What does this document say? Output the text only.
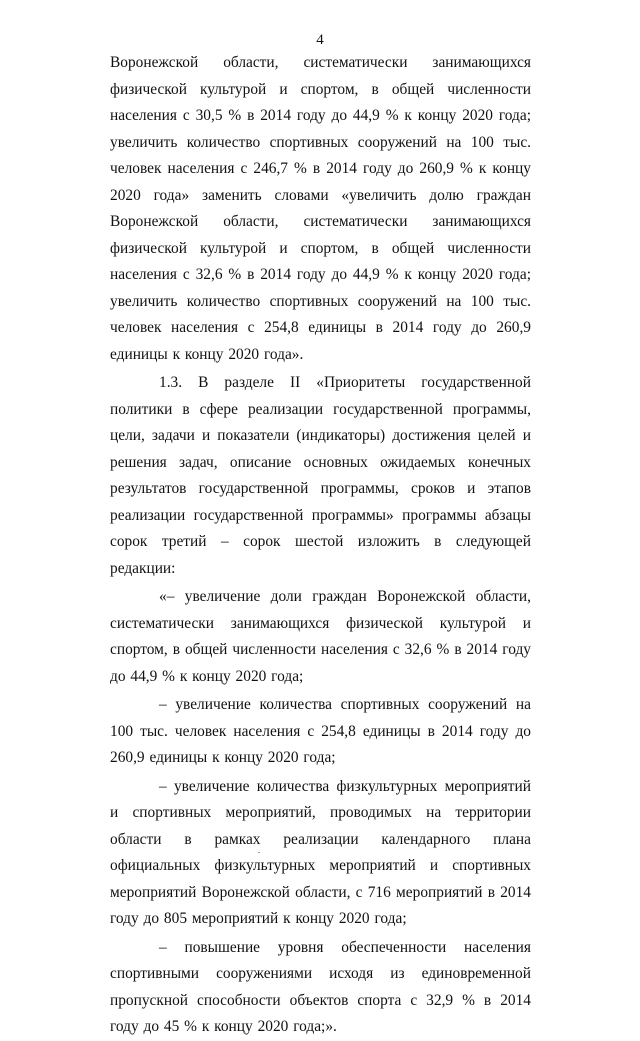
4

Воронежской области, систематически занимающихся физической культурой и спортом, в общей численности населения с 30,5 % в 2014 году до 44,9 % к концу 2020 года; увеличить количество спортивных сооружений на 100 тыс. человек населения с 246,7 % в 2014 году до 260,9 % к концу 2020 года» заменить словами «увеличить долю граждан Воронежской области, систематически занимающихся физической культурой и спортом, в общей численности населения с 32,6 % в 2014 году до 44,9 % к концу 2020 года; увеличить количество спортивных сооружений на 100 тыс. человек населения с 254,8 единицы в 2014 году до 260,9 единицы к концу 2020 года».

1.3. В разделе II «Приоритеты государственной политики в сфере реализации государственной программы, цели, задачи и показатели (индикаторы) достижения целей и решения задач, описание основных ожидаемых конечных результатов государственной программы, сроков и этапов реализации государственной программы» программы абзацы сорок третий – сорок шестой изложить в следующей редакции:

«– увеличение доли граждан Воронежской области, систематически занимающихся физической культурой и спортом, в общей численности населения с 32,6 % в 2014 году до 44,9 % к концу 2020 года;

– увеличение количества спортивных сооружений на 100 тыс. человек населения с 254,8 единицы в 2014 году до 260,9 единицы к концу 2020 года;

– увеличение количества физкультурных мероприятий и спортивных мероприятий, проводимых на территории области в рамках реализации календарного плана официальных физкультурных мероприятий и спортивных мероприятий Воронежской области, с 716 мероприятий в 2014 году до 805 мероприятий к концу 2020 года;

– повышение уровня обеспеченности населения спортивными сооружениями исходя из единовременной пропускной способности объектов спорта с 32,9 % в 2014 году до 45 % к концу 2020 года;».
